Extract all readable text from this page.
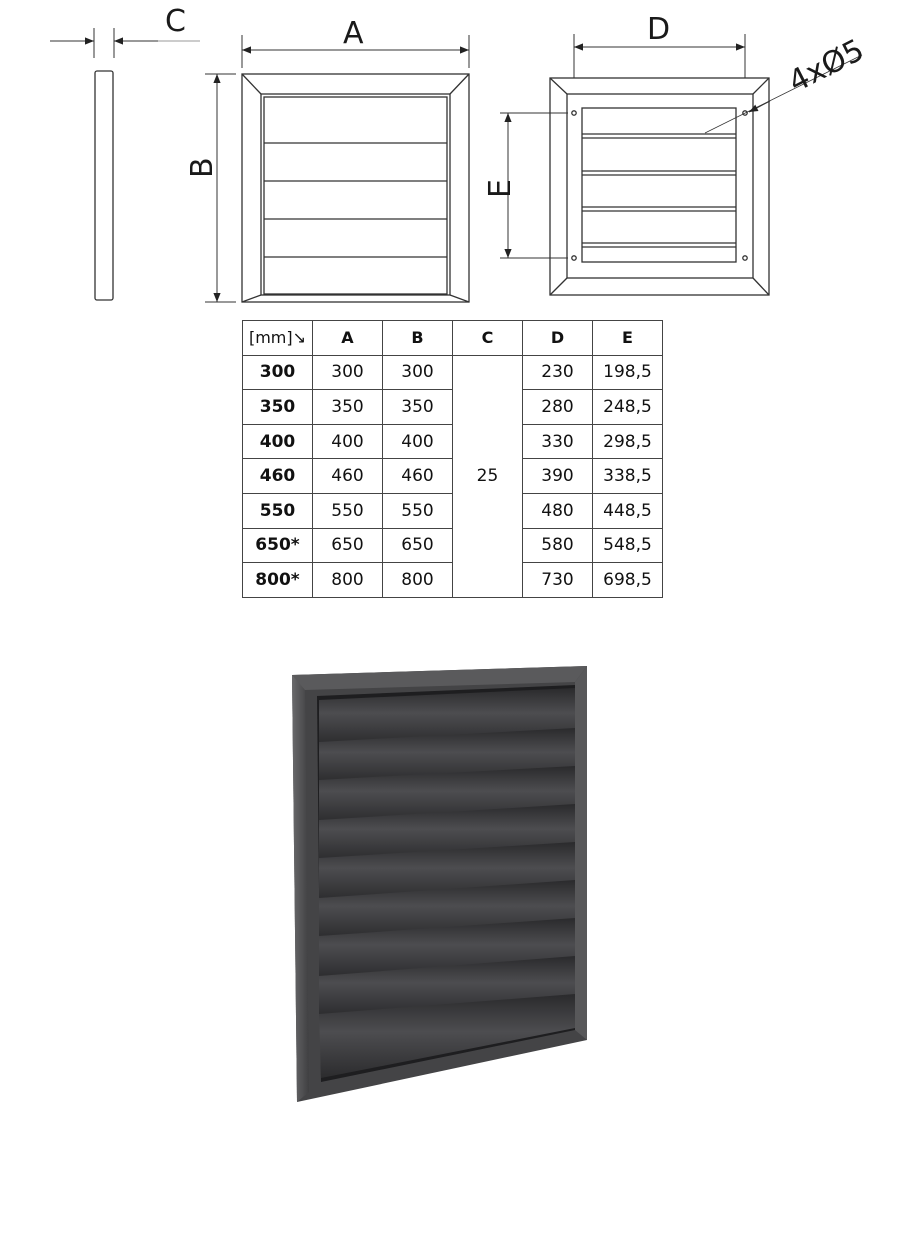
C	A
B
D
E
4xØ5
[mm]↘	A	B	C	D	E
300	300	300	25	230	198,5
350	350	350		280	248,5
400	400	400		330	298,5
460	460	460		390	338,5
550	550	550		480	448,5
650*	650	650		580	548,5
800*	800	800		730	698,5
